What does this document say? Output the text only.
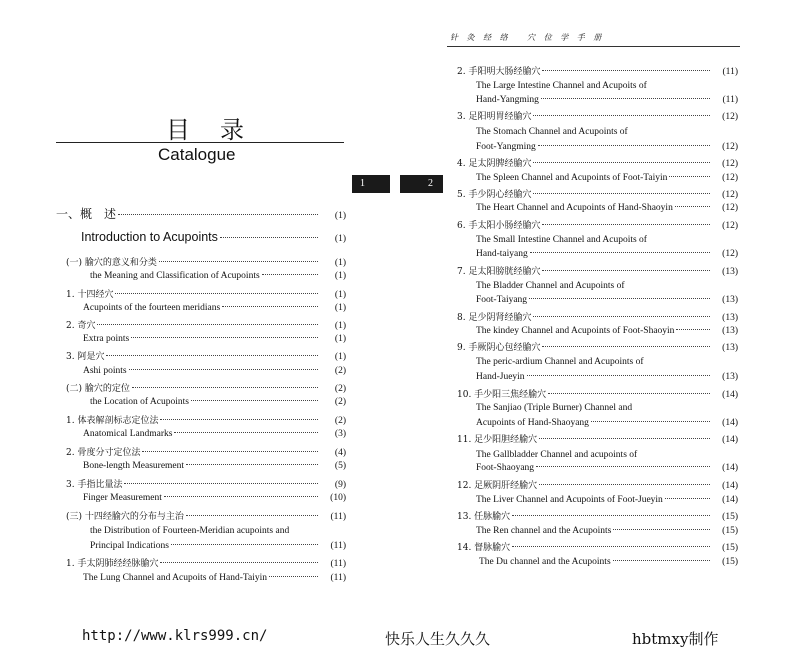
针 灸 经 络　 穴 位 学 手 册
目录
Catalogue
1	2
一、概　述	(1)
Introduction to Acupoints	(1)
(一) 腧穴的意义和分类	(1)
the Meaning and Classification of Acupoints	(1)
1. 十四经穴	(1)
Acupoints of the fourteen meridians	(1)
2. 奇穴	(1)
Extra points	(1)
3. 阿是穴	(1)
Ashi points	(2)
(二) 腧穴的定位	(2)
the Location of Acupoints	(2)
1. 体表解剖标志定位法	(2)
Anatomical Landmarks	(3)
2. 骨度分寸定位法	(4)
Bone-length Measurement	(5)
3. 手指比量法	(9)
Finger Measurement	(10)
(三) 十四经腧穴的分布与主治	(11)
the Distribution of Fourteen-Meridian acupoints and
Principal Indications	(11)
1. 手太阴肺经经脉腧穴	(11)
The Lung Channel and Acupoits of Hand-Taiyin	(11)
2. 手阳明大肠经腧穴	(11)
The Large Intestine Channel and Acupoits of
Hand-Yangming	(11)
3. 足阳明胃经腧穴	(12)
The Stomach Channel and Acupoints of
Foot-Yangming	(12)
4. 足太阴脾经腧穴	(12)
The Spleen Channel and Acupoints of Foot-Taiyin	(12)
5. 手少阴心经腧穴	(12)
The Heart Channel and Acupoints of Hand-Shaoyin	(12)
6. 手太阳小肠经腧穴	(12)
The Small Intestine Channel and Acupoits of
Hand-taiyang	(12)
7. 足太阳膀胱经腧穴	(13)
The Bladder Channel and Acupoints of
Foot-Taiyang	(13)
8. 足少阴肾经腧穴	(13)
The kindey Channel and Acupoints of Foot-Shaoyin	(13)
9. 手厥阴心包经腧穴	(13)
The peric-ardium Channel and Acupoints of
Hand-Jueyin	(13)
10. 手少阳三焦经腧穴	(14)
The Sanjiao (Triple Burner) Channel and
Acupoints of Hand-Shaoyang	(14)
11. 足少阳胆经腧穴	(14)
The Gallbladder Channel and acupoints of
Foot-Shaoyang	(14)
12. 足厥阴肝经腧穴	(14)
The Liver Channel and Acupoints of Foot-Jueyin	(14)
13. 任脉腧穴	(15)
The Ren channel and the Acupoints	(15)
14. 督脉腧穴	(15)
The Du channel and the Acupoints	(15)
http://www.klrs999.cn/	快乐人生久久久	hbtmxy制作
